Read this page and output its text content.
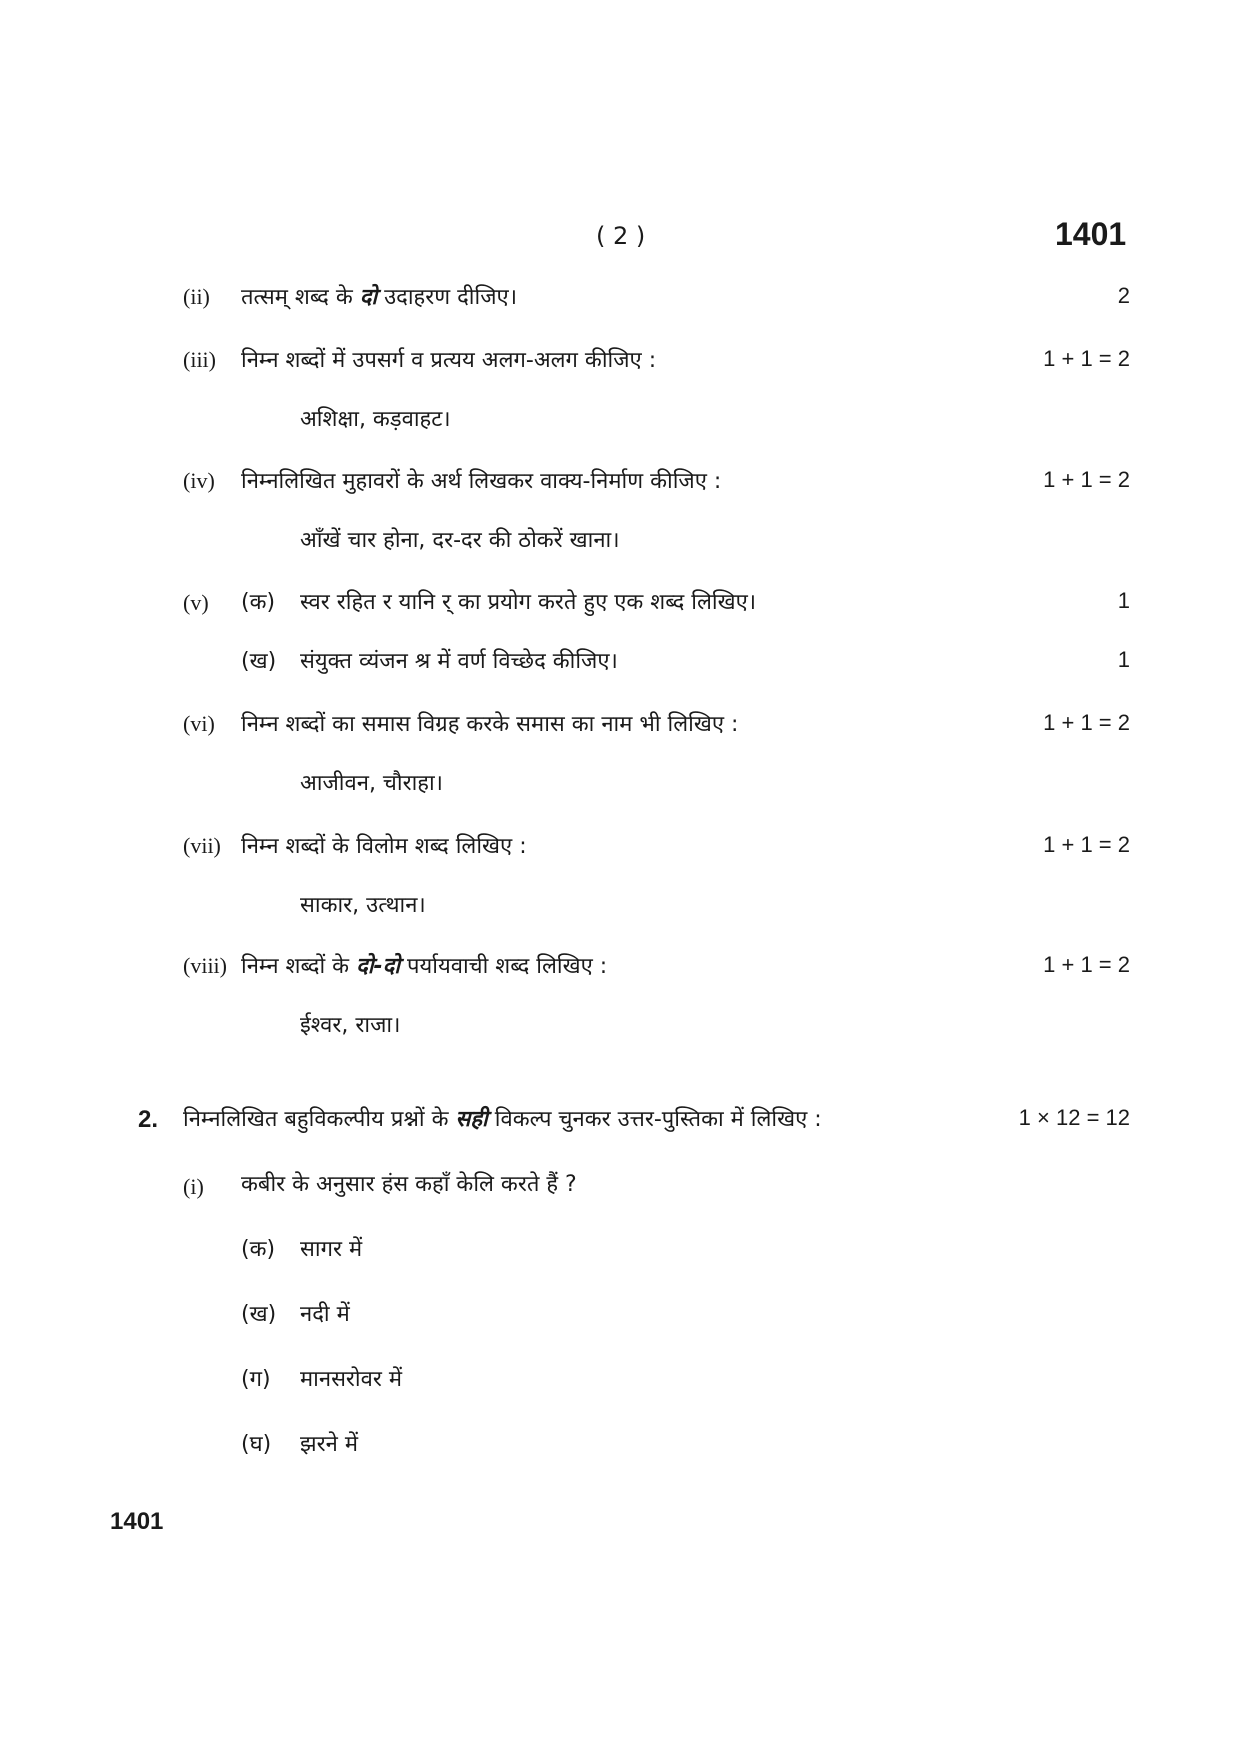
( 2 )	1401
(ii) तत्सम् शब्द के दो उदाहरण दीजिए।	2
(iii) निम्न शब्दों में उपसर्ग व प्रत्यय अलग-अलग कीजिए :	1 + 1 = 2
अशिक्षा, कड़वाहट।
(iv) निम्नलिखित मुहावरों के अर्थ लिखकर वाक्य-निर्माण कीजिए :	1 + 1 = 2
आँखें चार होना, दर-दर की ठोकरें खाना।
(v) (क) स्वर रहित र यानि र् का प्रयोग करते हुए एक शब्द लिखिए।	1
(ख) संयुक्त व्यंजन श्र में वर्ण विच्छेद कीजिए।	1
(vi) निम्न शब्दों का समास विग्रह करके समास का नाम भी लिखिए :	1 + 1 = 2
आजीवन, चौराहा।
(vii) निम्न शब्दों के विलोम शब्द लिखिए :	1 + 1 = 2
साकार, उत्थान।
(viii) निम्न शब्दों के दो-दो पर्यायवाची शब्द लिखिए :	1 + 1 = 2
ईश्वर, राजा।
2. निम्नलिखित बहुविकल्पीय प्रश्नों के सही विकल्प चुनकर उत्तर-पुस्तिका में लिखिए :	1 × 12 = 12
(i) कबीर के अनुसार हंस कहाँ केलि करते हैं ?
(क) सागर में
(ख) नदी में
(ग) मानसरोवर में
(घ) झरने में
1401
